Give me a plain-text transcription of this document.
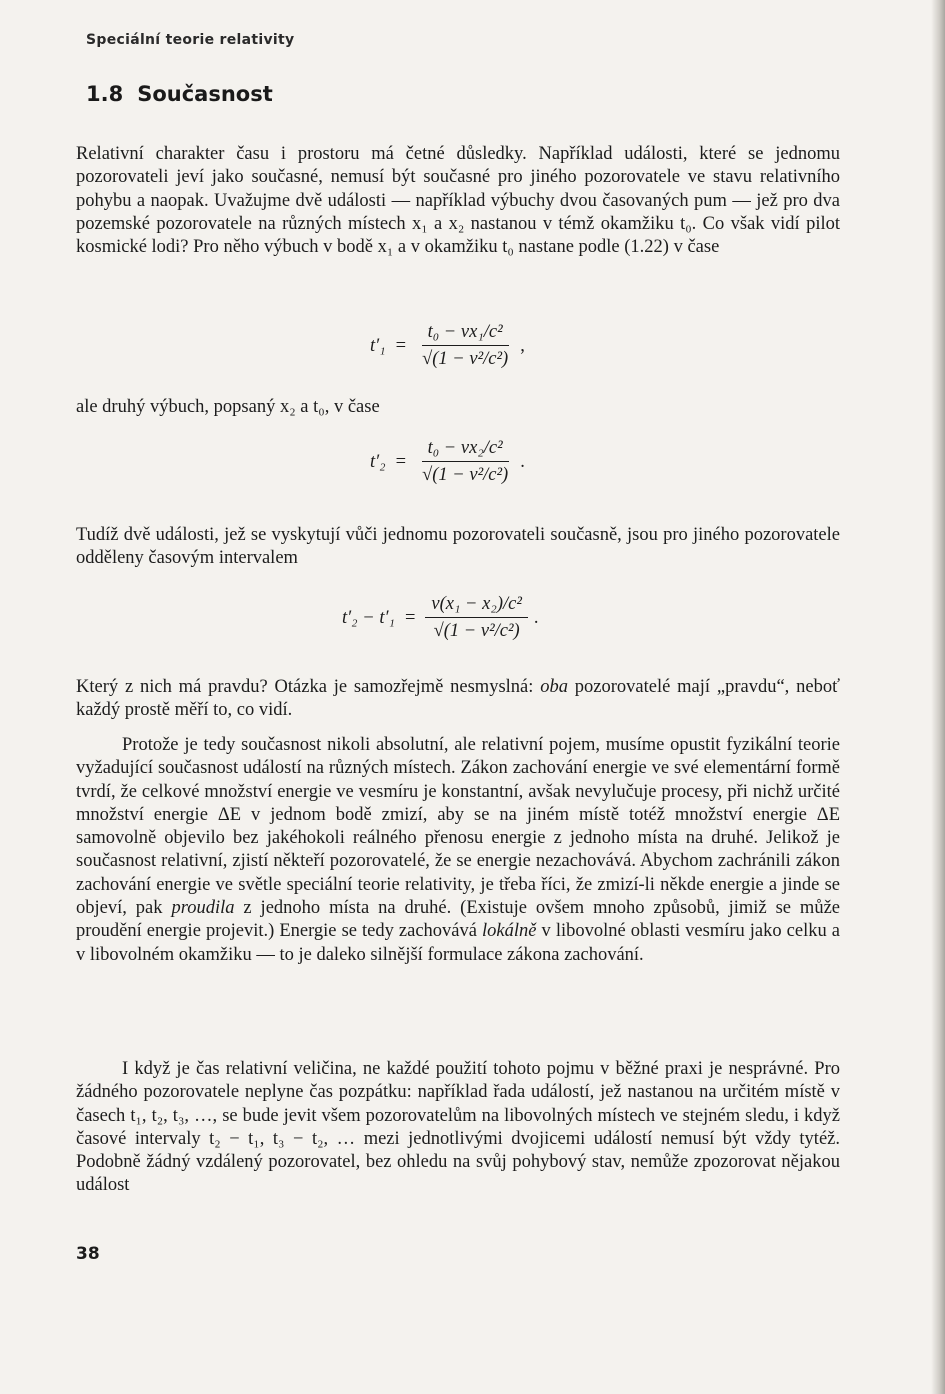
Speciální teorie relativity
1.8 Současnost

Relativní charakter času i prostoru má četné důsledky. Například události, které se jednomu pozorovateli jeví jako současné, nemusí být současné pro jiného pozorovatele ve stavu relativního pohybu a naopak. Uvažujme dvě události — například výbuchy dvou časovaných pum — jež pro dva pozemské pozorovatele na různých místech x₁ a x₂ nastanou v témž okamžiku t₀. Co však vidí pilot kosmické lodi? Pro něho výbuch v bodě x₁ a v okamžiku t₀ nastane podle (1.22) v čase

$t'_1 = \frac{\text{t₀ − vx₁/c²}}{\text{√(1 − v²/c²)}}$ ,

ale druhý výbuch, popsaný x₂ a t₀, v čase

$t'_2 = \frac{\text{t₀ − vx₂/c²}}{\text{√(1 − v²/c²)}}$ .

Tudíž dvě události, jež se vyskytují vůči jednomu pozorovateli současně, jsou pro jiného pozorovatele odděleny časovým intervalem

$t'_2 - t'_1 = \frac{\text{v(x₁ − x₂)/c²}}{\text{√(1 − v²/c²)}}$ .

Který z nich má pravdu? Otázka je samozřejmě nesmyslná: oba pozorovatelé mají „pravdu“, neboť každý prostě měří to, co vidí.

Protože je tedy současnost nikoli absolutní, ale relativní pojem, musíme opustit fyzikální teorie vyžadující současnost událostí na různých místech. Zákon zachování energie ve své elementární formě tvrdí, že celkové množství energie ve vesmíru je konstantní, avšak nevylučuje procesy, při nichž určité množství energie ΔE v jednom bodě zmizí, aby se na jiném místě totéž množství energie ΔE samovolně objevilo bez jakéhokoli reálného přenosu energie z jednoho místa na druhé. Jelikož je současnost relativní, zjistí někteří pozorovatelé, že se energie nezachovává. Abychom zachránili zákon zachování energie ve světle speciální teorie relativity, je třeba říci, že zmizí-li někde energie a jinde se objeví, pak proudila z jednoho místa na druhé. (Existuje ovšem mnoho způsobů, jimiž se může proudění energie projevit.) Energie se tedy zachovává lokálně v libovolné oblasti vesmíru jako celku a v libovolném okamžiku — to je daleko silnější formulace zákona zachování.

I když je čas relativní veličina, ne každé použití tohoto pojmu v běžné praxi je nesprávné. Pro žádného pozorovatele neplyne čas pozpátku: například řada událostí, jež nastanou na určitém místě v časech t₁, t₂, t₃, …, se bude jevit všem pozorovatelům na libovolných místech ve stejném sledu, i když časové intervaly t₂ − t₁, t₃ − t₂, … mezi jednotlivými dvojicemi událostí nemusí být vždy tytéž. Podobně žádný vzdálený pozorovatel, bez ohledu na svůj pohybový stav, nemůže zpozorovat nějakou událost

38
